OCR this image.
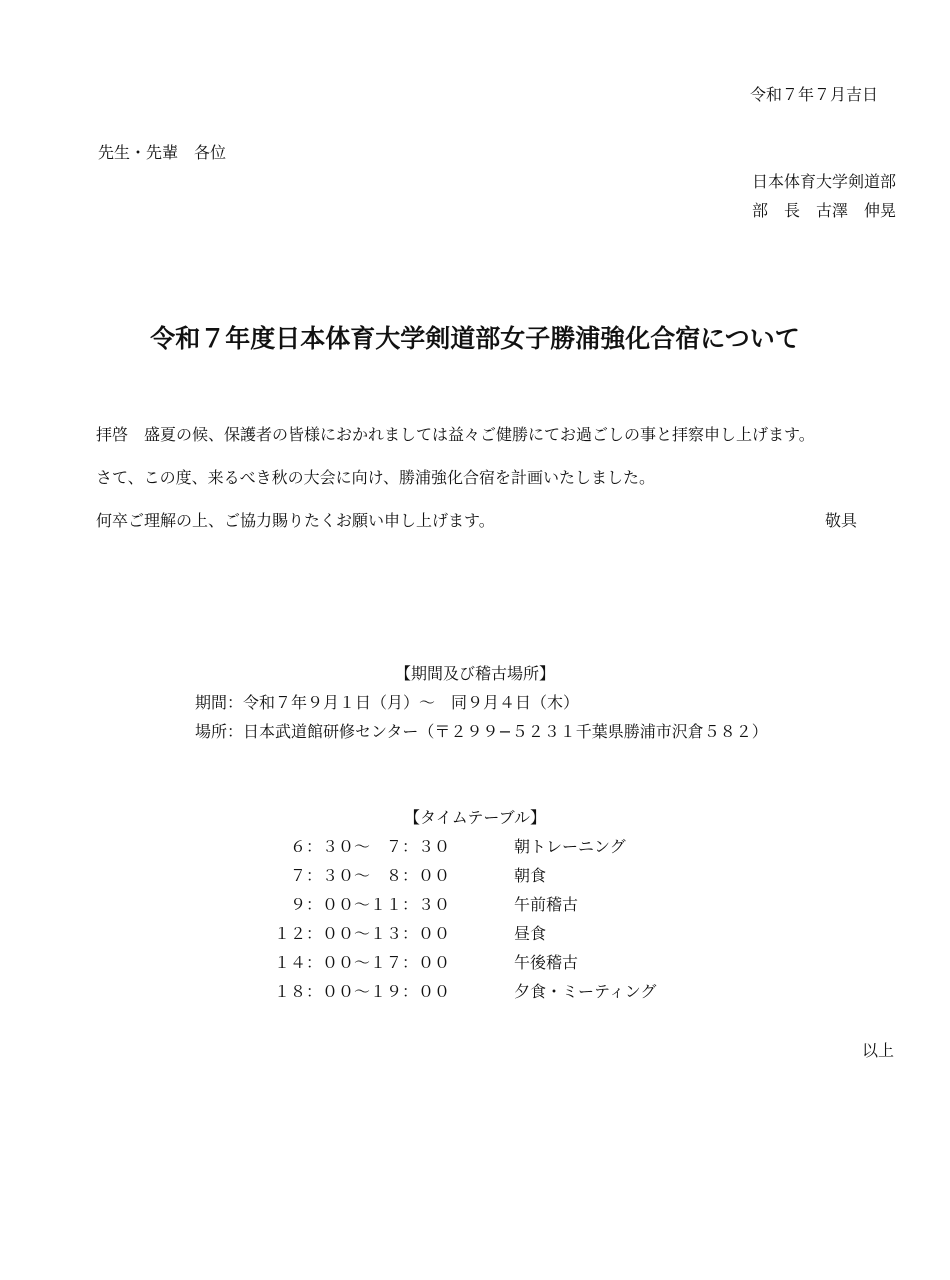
令和７年７月吉日
先生・先輩　各位
日本体育大学剣道部
部　長　古澤　伸晃
令和７年度日本体育大学剣道部女子勝浦強化合宿について
拝啓　盛夏の候、保護者の皆様におかれましては益々ご健勝にてお過ごしの事と拝察申し上げます。
さて、この度、来るべき秋の大会に向け、勝浦強化合宿を計画いたしました。
何卒ご理解の上、ご協力賜りたくお願い申し上げます。	敬具
【期間及び稽古場所】
期間：令和７年９月１日（月）～　同９月４日（木）
場所：日本武道館研修センター（〒２９９−５２３１千葉県勝浦市沢倉５８２）
【タイムテーブル】
６：３０～　７：３０	朝トレーニング
７：３０～　８：００	朝食
９：００～１１：３０	午前稽古
１２：００～１３：００	昼食
１４：００～１７：００	午後稽古
１８：００～１９：００	夕食・ミーティング
以上
